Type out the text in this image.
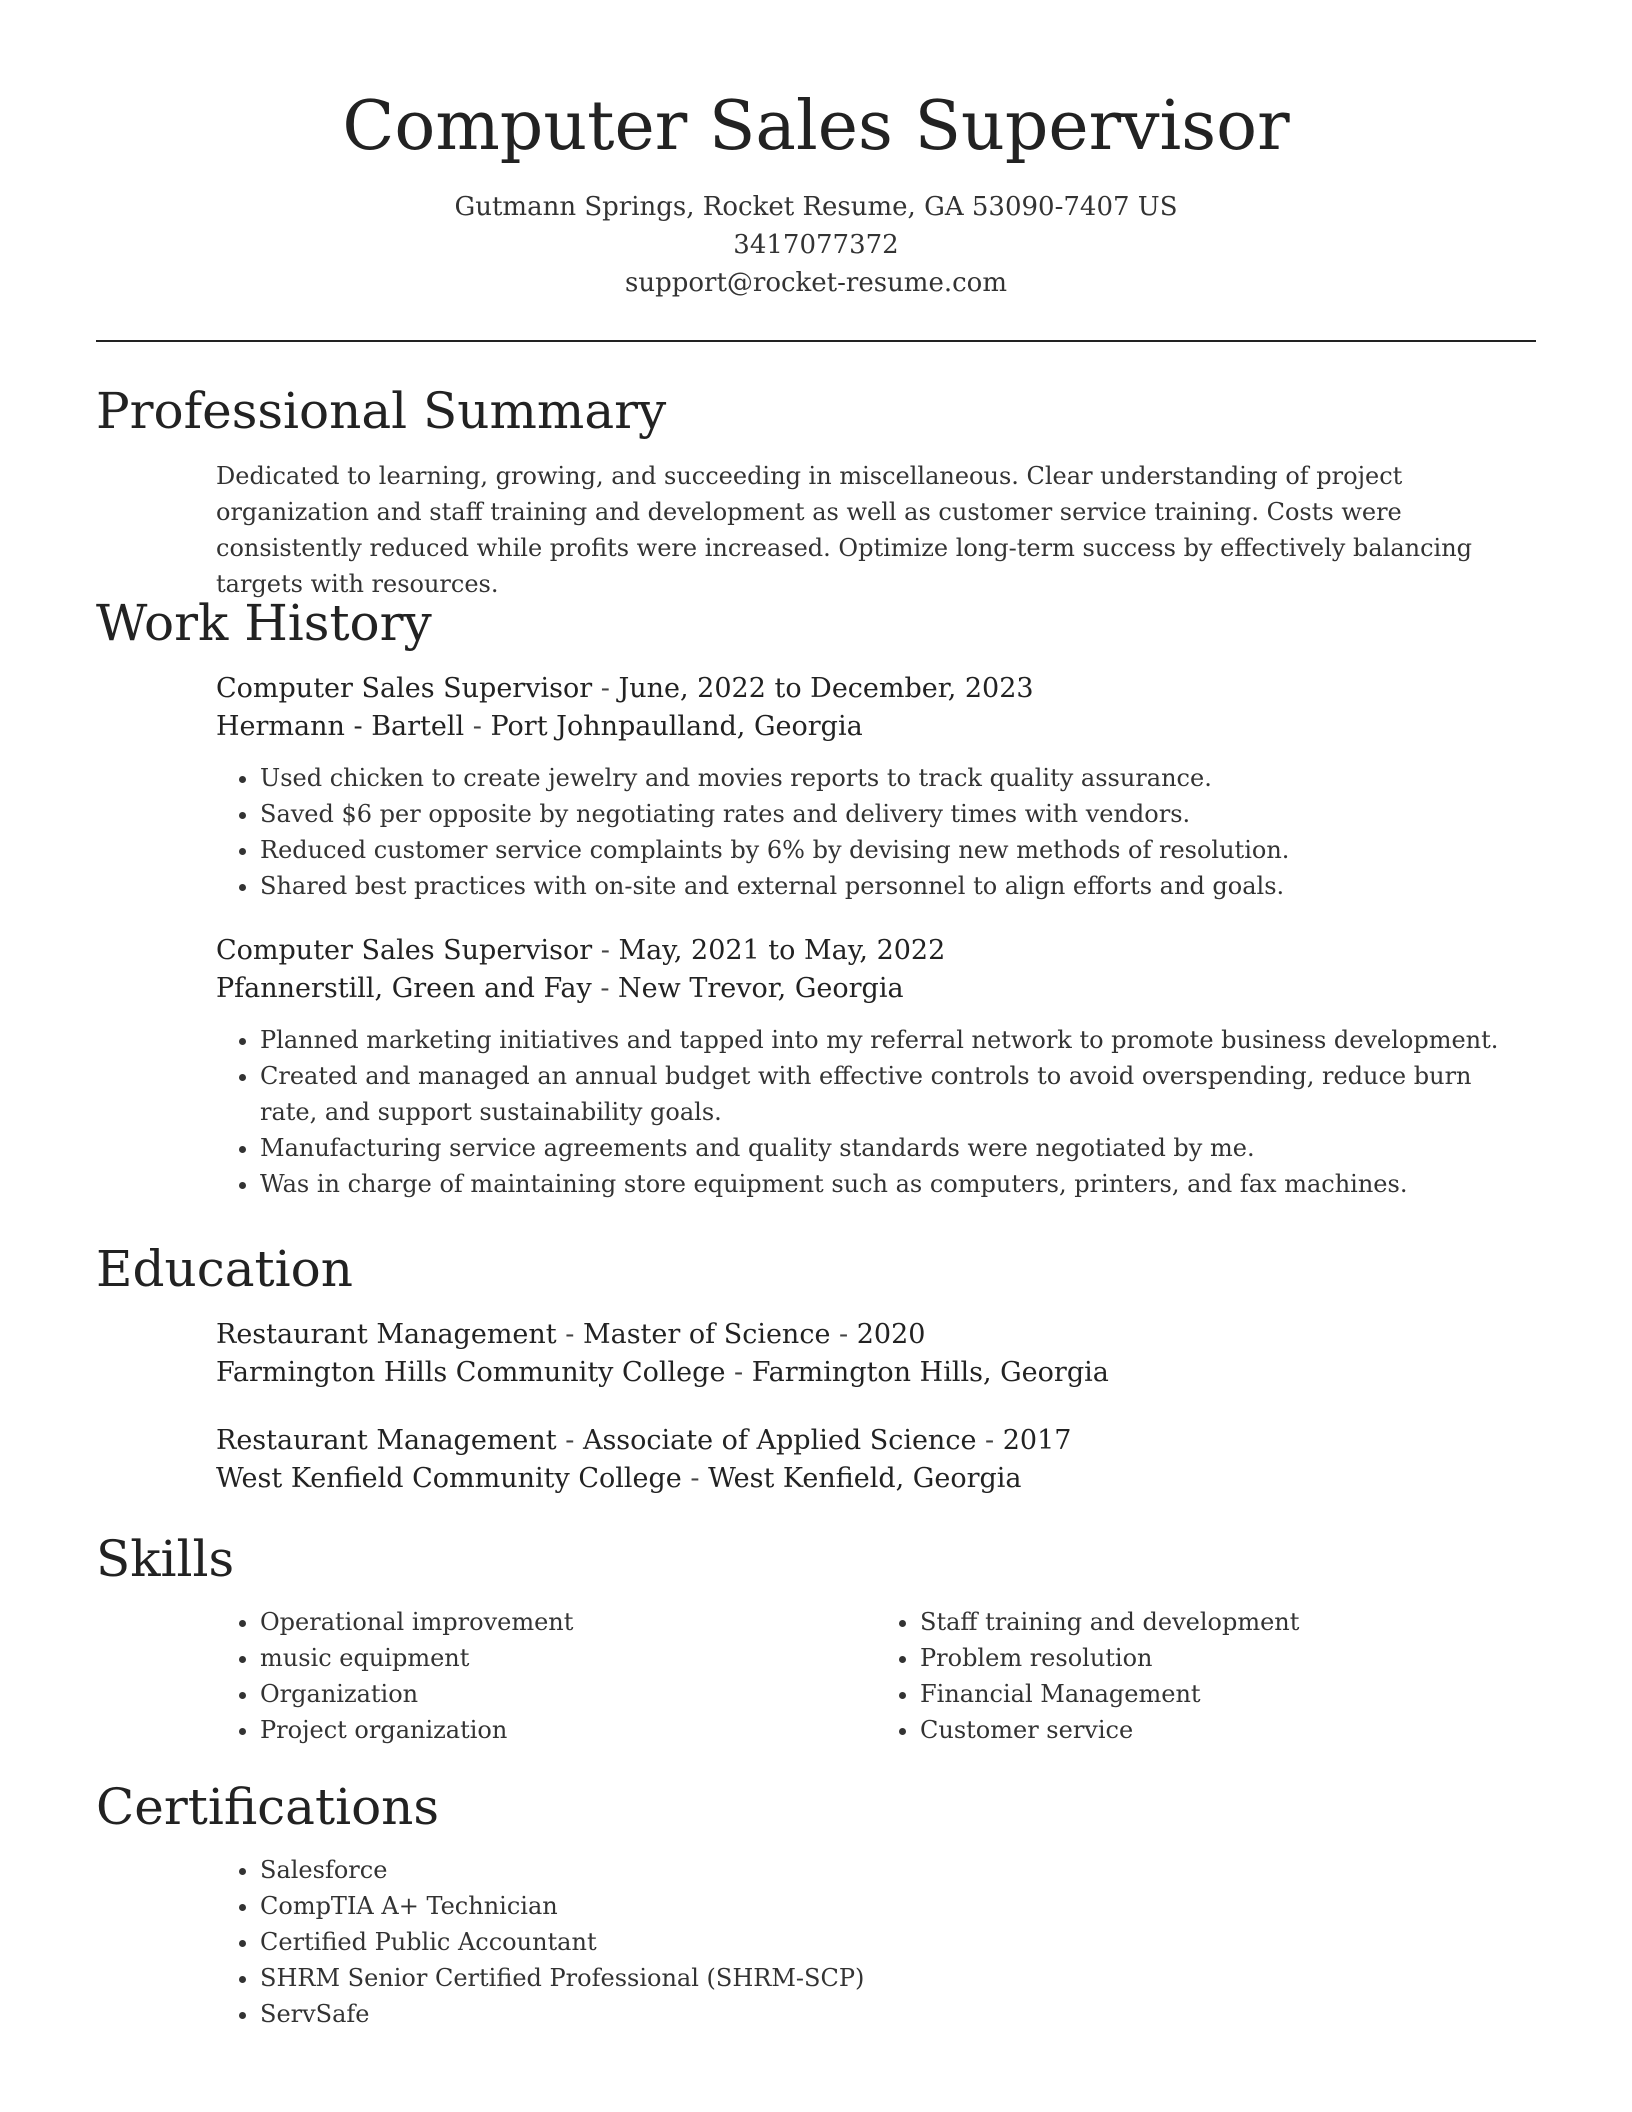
Computer Sales Supervisor
Gutmann Springs, Rocket Resume, GA 53090-7407 US
3417077372
support@rocket-resume.com
Professional Summary
Dedicated to learning, growing, and succeeding in miscellaneous. Clear understanding of project organization and staff training and development as well as customer service training. Costs were consistently reduced while profits were increased. Optimize long-term success by effectively balancing targets with resources.
Work History
Computer Sales Supervisor - June, 2022 to December, 2023
Hermann - Bartell - Port Johnpaulland, Georgia
• Used chicken to create jewelry and movies reports to track quality assurance.
• Saved $6 per opposite by negotiating rates and delivery times with vendors.
• Reduced customer service complaints by 6% by devising new methods of resolution.
• Shared best practices with on-site and external personnel to align efforts and goals.
Computer Sales Supervisor - May, 2021 to May, 2022
Pfannerstill, Green and Fay - New Trevor, Georgia
• Planned marketing initiatives and tapped into my referral network to promote business development.
• Created and managed an annual budget with effective controls to avoid overspending, reduce burn rate, and support sustainability goals.
• Manufacturing service agreements and quality standards were negotiated by me.
• Was in charge of maintaining store equipment such as computers, printers, and fax machines.
Education
Restaurant Management - Master of Science - 2020
Farmington Hills Community College - Farmington Hills, Georgia
Restaurant Management - Associate of Applied Science - 2017
West Kenfield Community College - West Kenfield, Georgia
Skills
• Operational improvement
• music equipment
• Organization
• Project organization
• Staff training and development
• Problem resolution
• Financial Management
• Customer service
Certifications
• Salesforce
• CompTIA A+ Technician
• Certified Public Accountant
• SHRM Senior Certified Professional (SHRM-SCP)
• ServSafe
